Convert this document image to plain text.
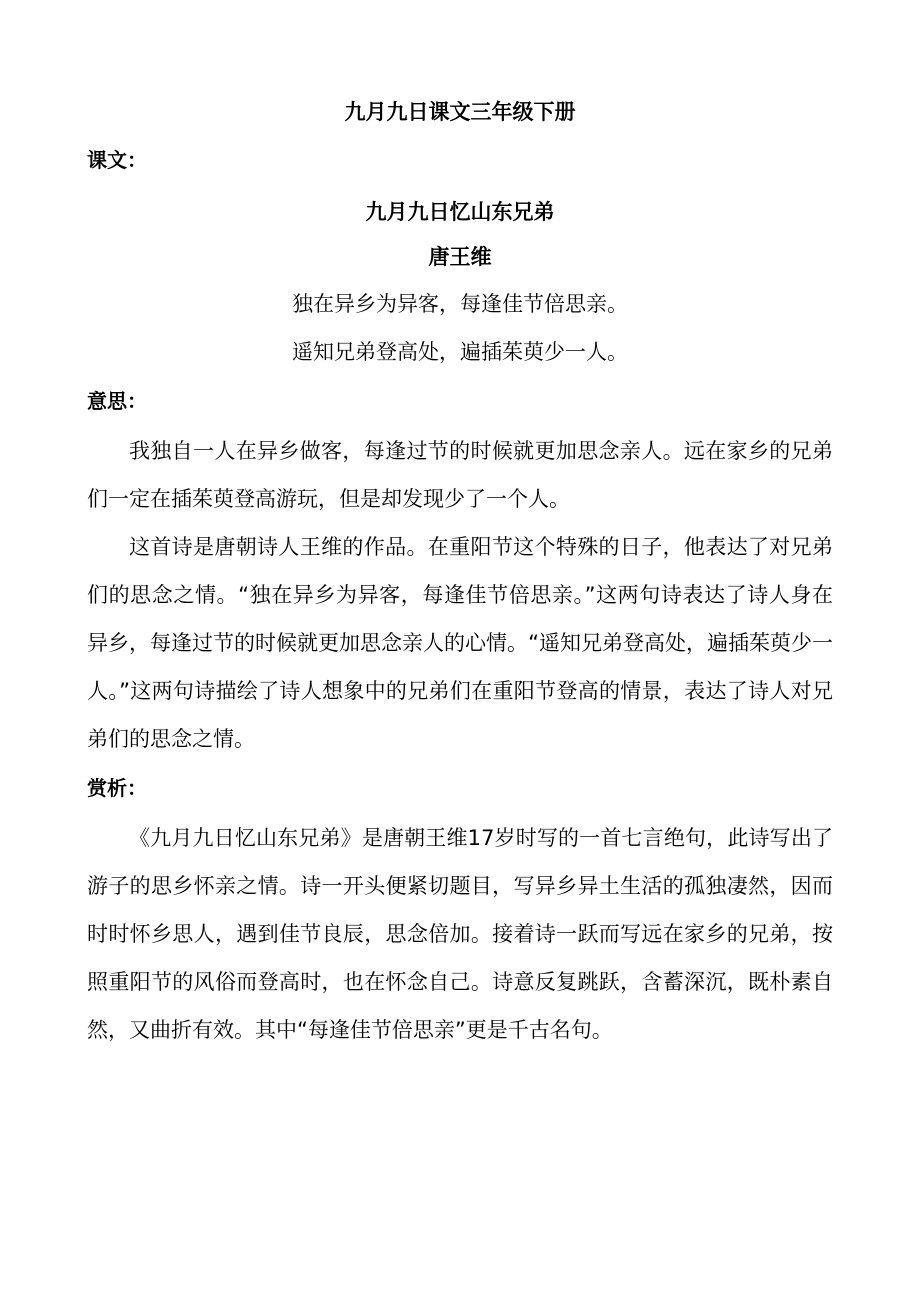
九月九日课文三年级下册
课文：
九月九日忆山东兄弟
唐王维
独在异乡为异客，每逢佳节倍思亲。
遥知兄弟登高处，遍插茱萸少一人。
意思：

我独自一人在异乡做客，每逢过节的时候就更加思念亲人。远在家乡的兄弟们一定在插茱萸登高游玩，但是却发现少了一个人。

这首诗是唐朝诗人王维的作品。在重阳节这个特殊的日子，他表达了对兄弟们的思念之情。“独在异乡为异客，每逢佳节倍思亲。”这两句诗表达了诗人身在异乡，每逢过节的时候就更加思念亲人的心情。“遥知兄弟登高处，遍插茱萸少一人。”这两句诗描绘了诗人想象中的兄弟们在重阳节登高的情景，表达了诗人对兄弟们的思念之情。

赏析：

《九月九日忆山东兄弟》是唐朝王维17岁时写的一首七言绝句，此诗写出了游子的思乡怀亲之情。诗一开头便紧切题目，写异乡异土生活的孤独凄然，因而时时怀乡思人，遇到佳节良辰，思念倍加。接着诗一跃而写远在家乡的兄弟，按照重阳节的风俗而登高时，也在怀念自己。诗意反复跳跃，含蓄深沉，既朴素自然，又曲折有效。其中“每逢佳节倍思亲”更是千古名句。
